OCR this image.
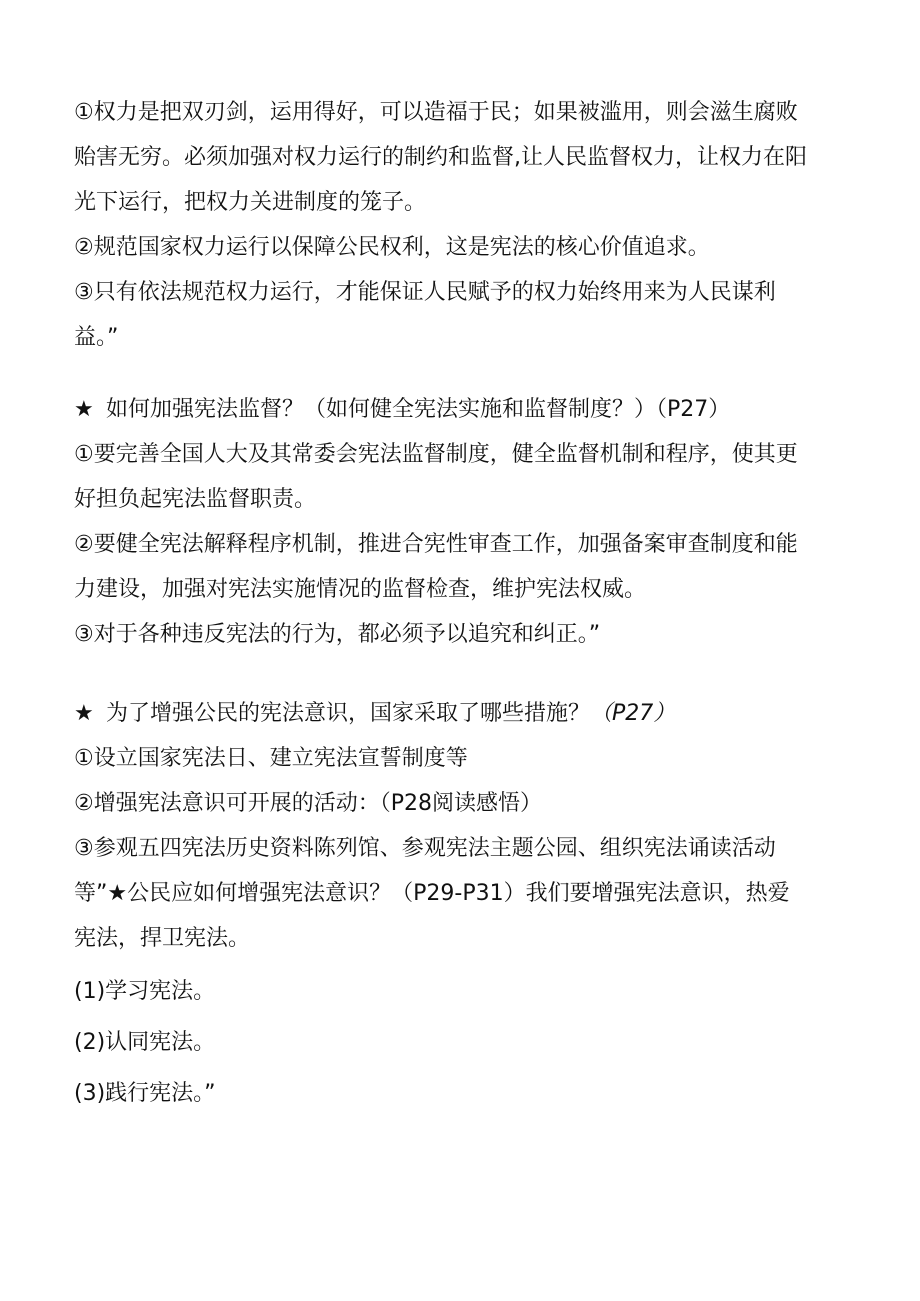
①权力是把双刃剑，运用得好，可以造福于民；如果被滥用，则会滋生腐败
贻害无穷。必须加强对权力运行的制约和监督,让人民监督权力，让权力在阳
光下运行，把权力关进制度的笼子。
②规范国家权力运行以保障公民权利，这是宪法的核心价值追求。
③只有依法规范权力运行，才能保证人民赋予的权力始终用来为人民谋利
益。”
★ 如何加强宪法监督？（如何健全宪法实施和监督制度？）（P27）
①要完善全国人大及其常委会宪法监督制度，健全监督机制和程序，使其更
好担负起宪法监督职责。
②要健全宪法解释程序机制，推进合宪性审查工作，加强备案审查制度和能
力建设，加强对宪法实施情况的监督检查，维护宪法权威。
③对于各种违反宪法的行为，都必须予以追究和纠正。”
★ 为了增强公民的宪法意识，国家采取了哪些措施？（P27）
①设立国家宪法日、建立宪法宣誓制度等
②增强宪法意识可开展的活动：（P28阅读感悟）
③参观五四宪法历史资料陈列馆、参观宪法主题公园、组织宪法诵读活动
等”★公民应如何增强宪法意识？（P29-P31）我们要增强宪法意识，热爱
宪法，捍卫宪法。
(1)学习宪法。
(2)认同宪法。
(3)践行宪法。”
